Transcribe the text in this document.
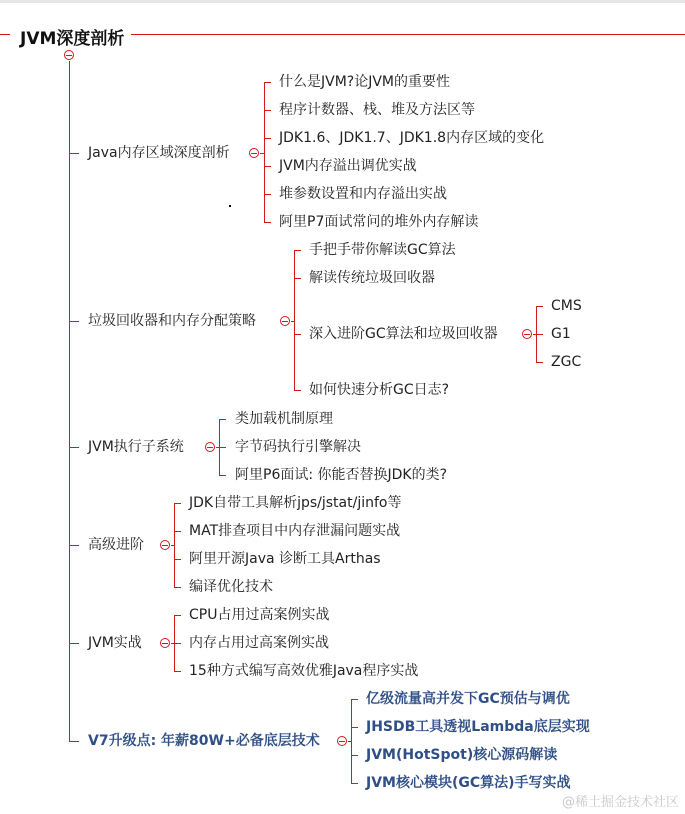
JVM深度剖析
Java内存区域深度剖析
什么是JVM?论JVM的重要性
程序计数器、栈、堆及方法区等
JDK1.6、JDK1.7、JDK1.8内存区域的变化
JVM内存溢出调优实战
堆参数设置和内存溢出实战
阿里P7面试常问的堆外内存解读
垃圾回收器和内存分配策略
手把手带你解读GC算法
解读传统垃圾回收器
深入进阶GC算法和垃圾回收器
如何快速分析GC日志?
CMS
G1
ZGC
JVM执行子系统
类加载机制原理
字节码执行引擎解决
阿里P6面试: 你能否替换JDK的类?
高级进阶
JDK自带工具解析jps/jstat/jinfo等
MAT排查项目中内存泄漏问题实战
阿里开源Java 诊断工具Arthas
编译优化技术
JVM实战
CPU占用过高案例实战
内存占用过高案例实战
15种方式编写高效优雅Java程序实战
V7升级点: 年薪80W+必备底层技术
亿级流量高并发下GC预估与调优
JHSDB工具透视Lambda底层实现
JVM(HotSpot)核心源码解读
JVM核心模块(GC算法)手写实战
@稀土掘金技术社区
